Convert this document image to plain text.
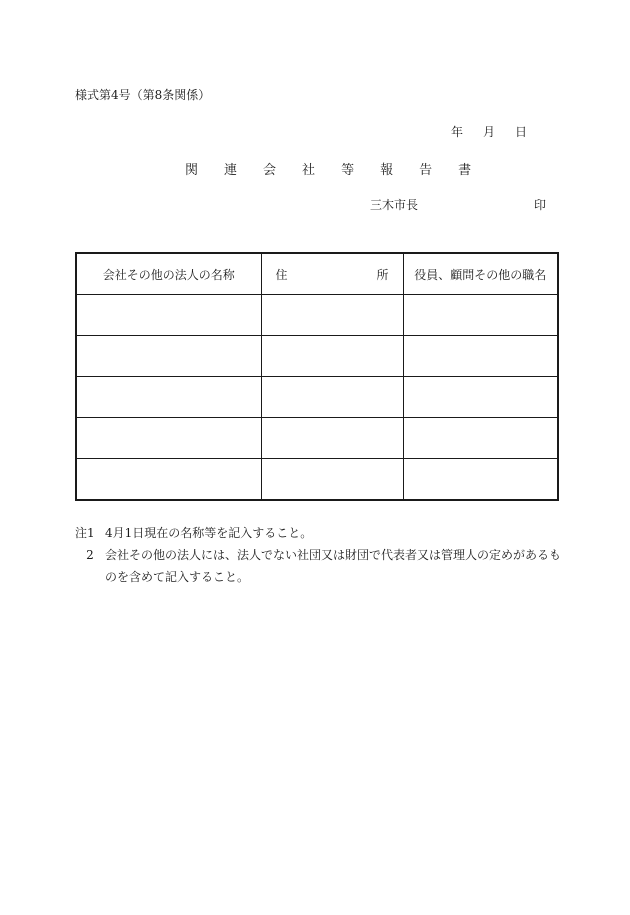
様式第4号（第8条関係）
年 月 日
関 連 会 社 等 報 告 書
三木市長	印
会社その他の法人の名称	住 所	役員、顧問その他の職名

注1 4月1日現在の名称等を記入すること。
2 会社その他の法人には、法人でない社団又は財団で代表者又は管理人の定めがあるも
のを含めて記入すること。
